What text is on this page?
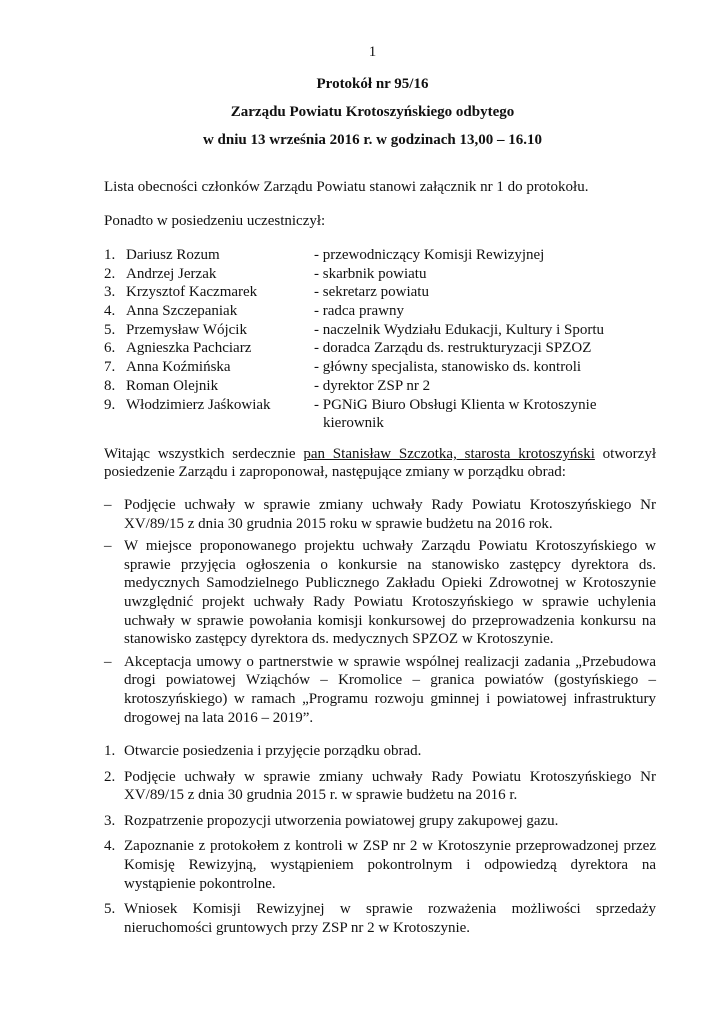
1
Protokół nr 95/16
Zarządu Powiatu Krotoszyńskiego odbytego
w dniu 13 września 2016 r. w godzinach 13,00 – 16.10
Lista obecności członków Zarządu Powiatu stanowi załącznik nr 1 do protokołu.
Ponadto w posiedzeniu uczestniczył:
1. Dariusz Rozum	- przewodniczący Komisji Rewizyjnej
2. Andrzej Jerzak	- skarbnik powiatu
3. Krzysztof Kaczmarek	- sekretarz powiatu
4. Anna Szczepaniak	- radca prawny
5. Przemysław Wójcik	- naczelnik Wydziału Edukacji, Kultury i Sportu
6. Agnieszka Pachciarz	- doradca Zarządu ds. restrukturyzacji SPZOZ
7. Anna Koźmińska	- główny specjalista, stanowisko ds. kontroli
8. Roman Olejnik	- dyrektor ZSP nr 2
9. Włodzimierz Jaśkowiak	- PGNiG Biuro Obsługi Klienta w Krotoszynie
kierownik
Witając wszystkich serdecznie pan Stanisław Szczotka, starosta krotoszyński otworzył
posiedzenie Zarządu i zaproponował, następujące zmiany w porządku obrad:
– Podjęcie uchwały w sprawie zmiany uchwały Rady Powiatu Krotoszyńskiego Nr XV/89/15 z dnia 30 grudnia 2015 roku w sprawie budżetu na 2016 rok.
– W miejsce proponowanego projektu uchwały Zarządu Powiatu Krotoszyńskiego w sprawie przyjęcia ogłoszenia o konkursie na stanowisko zastępcy dyrektora ds. medycznych Samodzielnego Publicznego Zakładu Opieki Zdrowotnej w Krotoszynie uwzględnić projekt uchwały Rady Powiatu Krotoszyńskiego w sprawie uchylenia uchwały w sprawie powołania komisji konkursowej do przeprowadzenia konkursu na stanowisko zastępcy dyrektora ds. medycznych SPZOZ w Krotoszynie.
– Akceptacja umowy o partnerstwie w sprawie wspólnej realizacji zadania „Przebudowa drogi powiatowej Wziąchów – Kromolice – granica powiatów (gostyńskiego – krotoszyńskiego) w ramach „Programu rozwoju gminnej i powiatowej infrastruktury drogowej na lata 2016 – 2019”.
1. Otwarcie posiedzenia i przyjęcie porządku obrad.
2. Podjęcie uchwały w sprawie zmiany uchwały Rady Powiatu Krotoszyńskiego Nr XV/89/15 z dnia 30 grudnia 2015 r. w sprawie budżetu na 2016 r.
3. Rozpatrzenie propozycji utworzenia powiatowej grupy zakupowej gazu.
4. Zapoznanie z protokołem z kontroli w ZSP nr 2 w Krotoszynie przeprowadzonej przez Komisję Rewizyjną, wystąpieniem pokontrolnym i odpowiedzą dyrektora na wystąpienie pokontrolne.
5. Wniosek Komisji Rewizyjnej w sprawie rozważenia możliwości sprzedaży nieruchomości gruntowych przy ZSP nr 2 w Krotoszynie.
